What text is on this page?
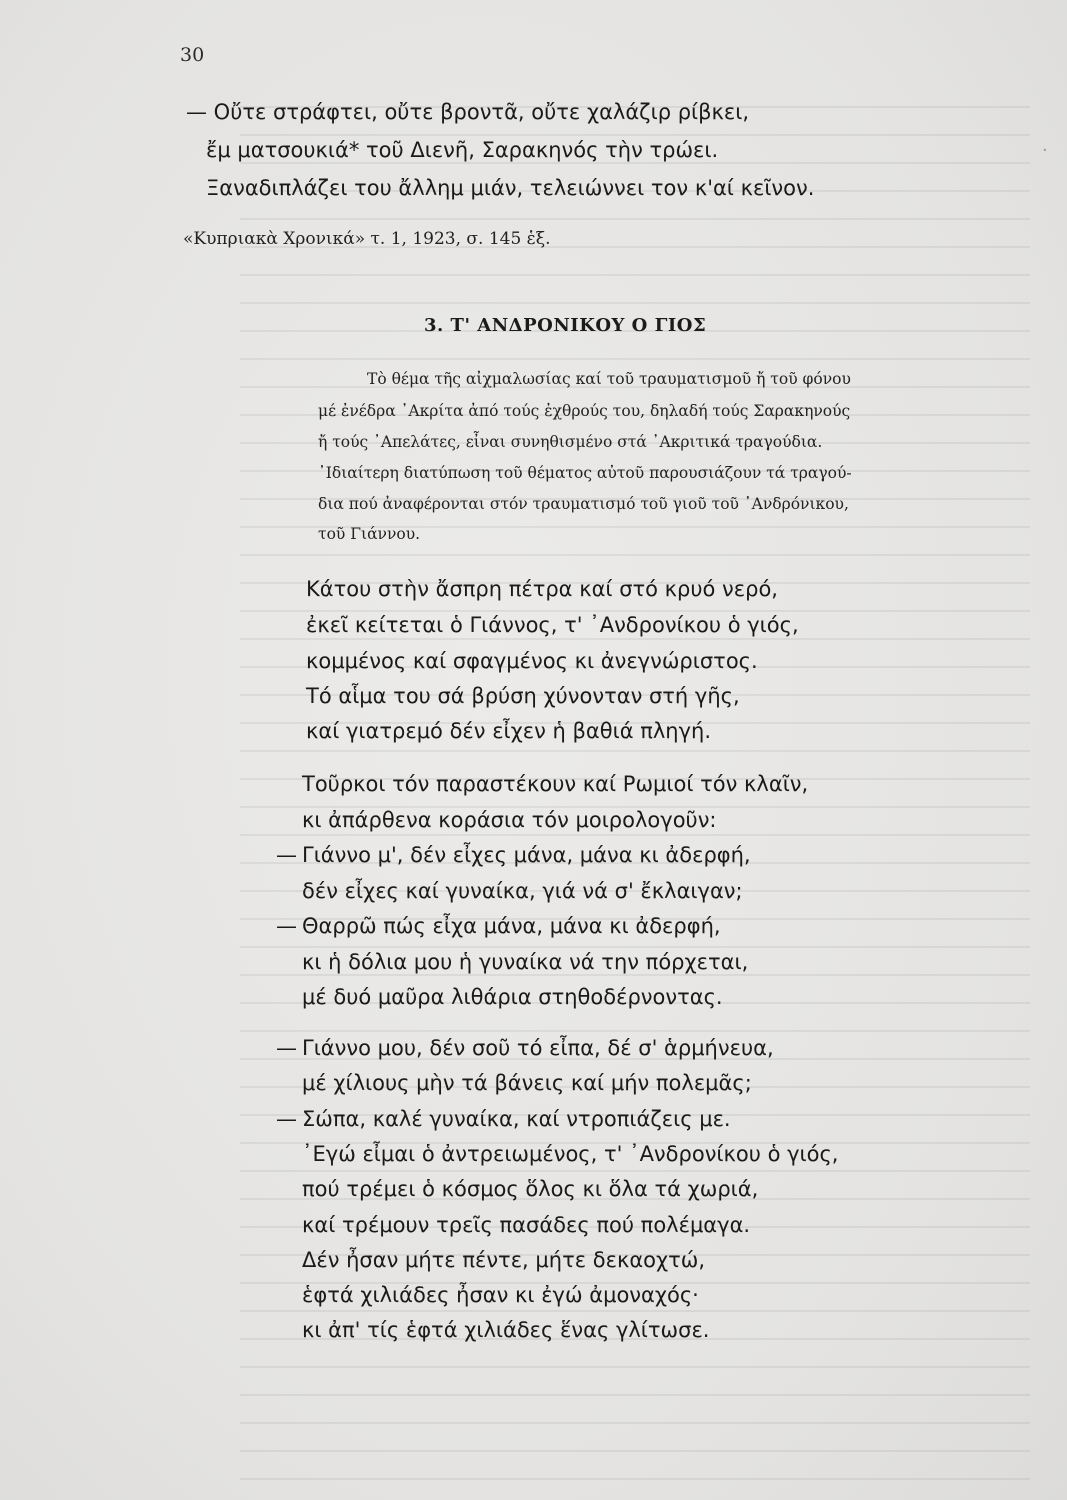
30
— Οὔτε στράφτει, οὔτε βροντᾶ, οὔτε χαλάζιρ ρίβκει,
ἔμ ματσουκιά* τοῦ Διενῆ, Σαρακηνός τὴν τρώει.
Ξαναδιπλάζει του ἄλλημ μιάν, τελειώννει τον κ'αί κεῖνον.
«Κυπριακὰ Χρονικά» τ. 1, 1923, σ. 145 ἑξ.
3. Τ' ΑΝΔΡΟΝΙΚΟΥ Ο ΓΙΟΣ
Τὸ θέμα τῆς αἰχμαλωσίας καί τοῦ τραυματισμοῦ ἤ τοῦ φόνου
μέ ἐνέδρα ᾿Ακρίτα ἀπό τούς ἐχθρούς του, δηλαδή τούς Σαρακηνούς
ἤ τούς ᾿Απελάτες, εἶναι συνηθισμένο στά ᾿Ακριτικά τραγούδια.
᾿Ιδιαίτερη διατύπωση τοῦ θέματος αὐτοῦ παρουσιάζουν τά τραγού-
δια πού ἀναφέρονται στόν τραυματισμό τοῦ γιοῦ τοῦ ᾿Ανδρόνικου,
τοῦ Γιάννου.
Κάτου στὴν ἄσπρη πέτρα καί στό κρυό νερό,
ἐκεῖ κείτεται ὁ Γιάννος, τ' ᾿Ανδρονίκου ὁ γιός,
κομμένος καί σφαγμένος κι ἀνεγνώριστος.
Τό αἷμα του σά βρύση χύνονταν στή γῆς,
καί γιατρεμό δέν εἶχεν ἡ βαθιά πληγή.
Τοῦρκοι τόν παραστέκουν καί Ρωμιοί τόν κλαῖν,
κι ἀπάρθενα κοράσια τόν μοιρολογοῦν:
— Γιάννο μ', δέν εἶχες μάνα, μάνα κι ἀδερφή,
δέν εἶχες καί γυναίκα, γιά νά σ' ἔκλαιγαν;
— Θαρρῶ πώς εἶχα μάνα, μάνα κι ἀδερφή,
κι ἡ δόλια μου ἡ γυναίκα νά την πόρχεται,
μέ δυό μαῦρα λιθάρια στηθοδέρνοντας.
— Γιάννο μου, δέν σοῦ τό εἶπα, δέ σ' ἁρμήνευα,
μέ χίλιους μὴν τά βάνεις καί μήν πολεμᾶς;
— Σώπα, καλέ γυναίκα, καί ντροπιάζεις με.
᾿Εγώ εἶμαι ὁ ἀντρειωμένος, τ' ᾿Ανδρονίκου ὁ γιός,
πού τρέμει ὁ κόσμος ὅλος κι ὅλα τά χωριά,
καί τρέμουν τρεῖς πασάδες πού πολέμαγα.
Δέν ἦσαν μήτε πέντε, μήτε δεκαοχτώ,
ἑφτά χιλιάδες ἦσαν κι ἐγώ ἀμοναχός·
κι ἀπ' τίς ἑφτά χιλιάδες ἕνας γλίτωσε.
·
